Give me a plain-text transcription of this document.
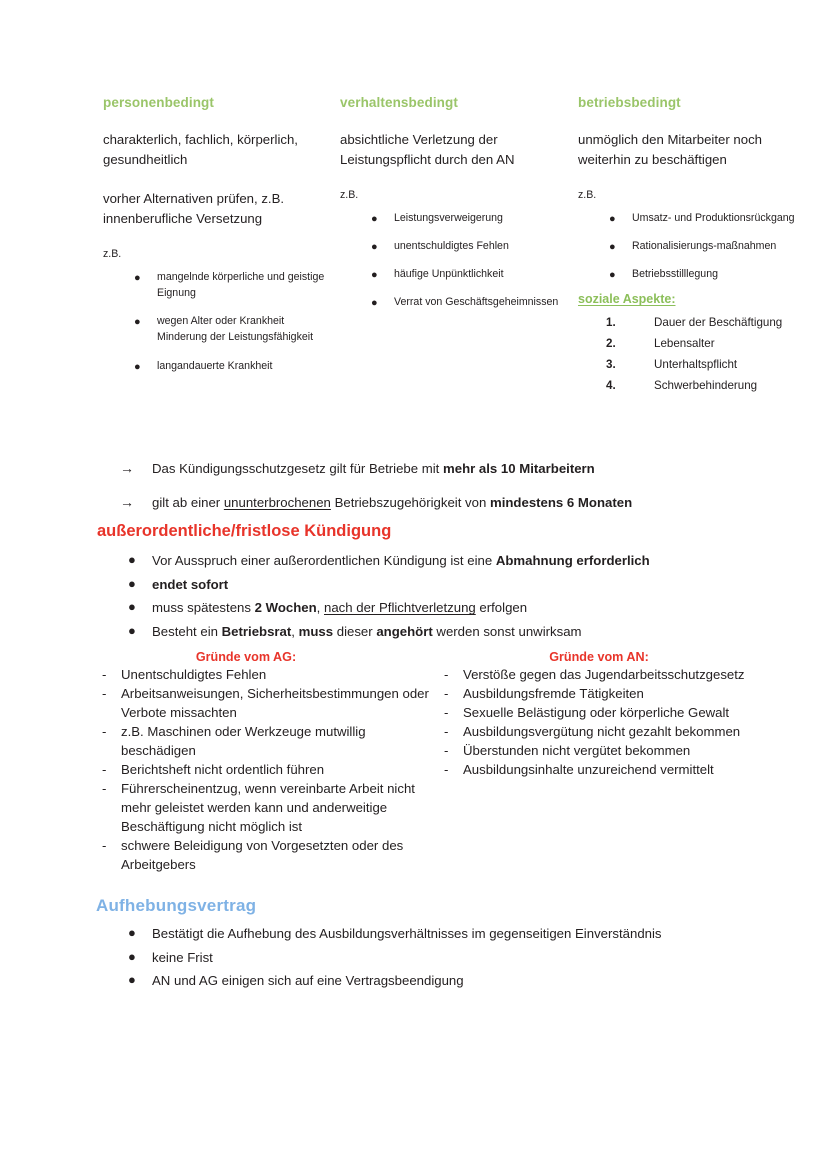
personenbedingt
charakterlich, fachlich, körperlich, gesundheitlich
vorher Alternativen prüfen, z.B. innenberufliche Versetzung
z.B.
● mangelnde körperliche und geistige Eignung
● wegen Alter oder Krankheit Minderung der Leistungsfähigkeit
● langandauerte Krankheit
verhaltensbedingt
absichtliche Verletzung der Leistungspflicht durch den AN
z.B.
● Leistungsverweigerung
● unentschuldigtes Fehlen
● häufige Unpünktlichkeit
● Verrat von Geschäftsgeheimnissen
betriebsbedingt
unmöglich den Mitarbeiter noch weiterhin zu beschäftigen
z.B.
● Umsatz- und Produktionsrückgang
● Rationalisierungs-maßnahmen
● Betriebsstilllegung
soziale Aspekte:
1.	Dauer der Beschäftigung
2.	Lebensalter
3.	Unterhaltspflicht
4.	Schwerbehinderung
→ Das Kündigungsschutzgesetz gilt für Betriebe mit mehr als 10 Mitarbeitern
→ gilt ab einer ununterbrochenen Betriebszugehörigkeit von mindestens 6 Monaten
außerordentliche/fristlose Kündigung
● Vor Ausspruch einer außerordentlichen Kündigung ist eine Abmahnung erforderlich
● endet sofort
● muss spätestens 2 Wochen, nach der Pflichtverletzung erfolgen
● Besteht ein Betriebsrat, muss dieser angehört werden sonst unwirksam
Gründe vom AG:
- Unentschuldigtes Fehlen
- Arbeitsanweisungen, Sicherheitsbestimmungen oder Verbote missachten
- z.B. Maschinen oder Werkzeuge mutwillig beschädigen
- Berichtsheft nicht ordentlich führen
- Führerscheinentzug, wenn vereinbarte Arbeit nicht mehr geleistet werden kann und anderweitige Beschäftigung nicht möglich ist
- schwere Beleidigung von Vorgesetzten oder des Arbeitgebers
Gründe vom AN:
- Verstöße gegen das Jugendarbeitsschutzgesetz
- Ausbildungsfremde Tätigkeiten
- Sexuelle Belästigung oder körperliche Gewalt
- Ausbildungsvergütung nicht gezahlt bekommen
- Überstunden nicht vergütet bekommen
- Ausbildungsinhalte unzureichend vermittelt
Aufhebungsvertrag
● Bestätigt die Aufhebung des Ausbildungsverhältnisses im gegenseitigen Einverständnis
● keine Frist
● AN und AG einigen sich auf eine Vertragsbeendigung
